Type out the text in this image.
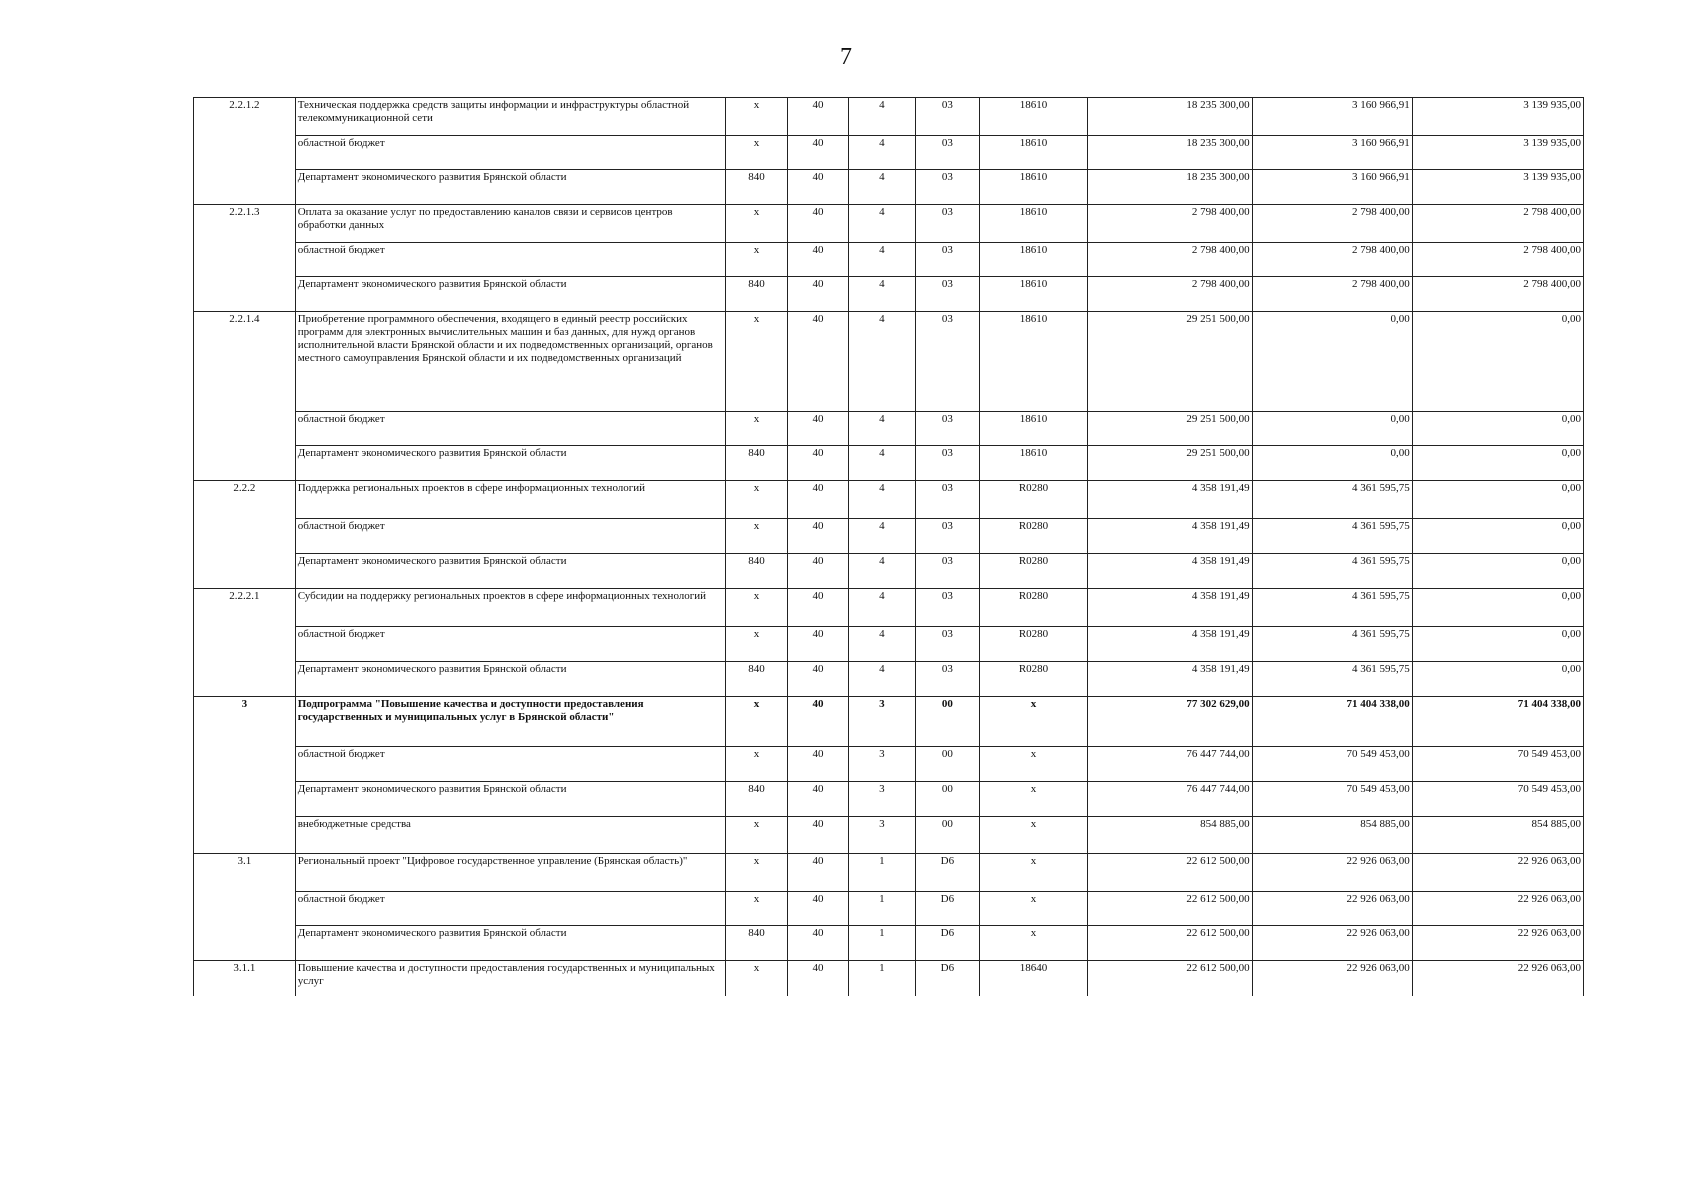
7
2.2.1.2	Техническая поддержка средств защиты информации и инфраструктуры областной телекоммуникационной сети	x	40	4	03	18610	18 235 300,00	3 160 966,91	3 139 935,00
	областной бюджет	x	40	4	03	18610	18 235 300,00	3 160 966,91	3 139 935,00
	Департамент экономического развития Брянской области	840	40	4	03	18610	18 235 300,00	3 160 966,91	3 139 935,00
2.2.1.3	Оплата за оказание услуг по предоставлению каналов связи и сервисов центров обработки данных	x	40	4	03	18610	2 798 400,00	2 798 400,00	2 798 400,00
	областной бюджет	x	40	4	03	18610	2 798 400,00	2 798 400,00	2 798 400,00
	Департамент экономического развития Брянской области	840	40	4	03	18610	2 798 400,00	2 798 400,00	2 798 400,00
2.2.1.4	Приобретение программного обеспечения, входящего в единый реестр российских программ для электронных вычислительных машин и баз данных, для нужд органов исполнительной власти Брянской области и их подведомственных организаций, органов местного самоуправления Брянской области и их подведомственных организаций	x	40	4	03	18610	29 251 500,00	0,00	0,00
	областной бюджет	x	40	4	03	18610	29 251 500,00	0,00	0,00
	Департамент экономического развития Брянской области	840	40	4	03	18610	29 251 500,00	0,00	0,00
2.2.2	Поддержка региональных проектов в сфере информационных технологий	x	40	4	03	R0280	4 358 191,49	4 361 595,75	0,00
	областной бюджет	x	40	4	03	R0280	4 358 191,49	4 361 595,75	0,00
	Департамент экономического развития Брянской области	840	40	4	03	R0280	4 358 191,49	4 361 595,75	0,00
2.2.2.1	Субсидии на поддержку региональных проектов в сфере информационных технологий	x	40	4	03	R0280	4 358 191,49	4 361 595,75	0,00
	областной бюджет	x	40	4	03	R0280	4 358 191,49	4 361 595,75	0,00
	Департамент экономического развития Брянской области	840	40	4	03	R0280	4 358 191,49	4 361 595,75	0,00
3	Подпрограмма "Повышение качества и доступности предоставления государственных и муниципальных услуг в Брянской области"	x	40	3	00	x	77 302 629,00	71 404 338,00	71 404 338,00
	областной бюджет	x	40	3	00	x	76 447 744,00	70 549 453,00	70 549 453,00
	Департамент экономического развития Брянской области	840	40	3	00	x	76 447 744,00	70 549 453,00	70 549 453,00
	внебюджетные средства	x	40	3	00	x	854 885,00	854 885,00	854 885,00
3.1	Региональный проект "Цифровое государственное управление (Брянская область)"	x	40	1	D6	x	22 612 500,00	22 926 063,00	22 926 063,00
	областной бюджет	x	40	1	D6	x	22 612 500,00	22 926 063,00	22 926 063,00
	Департамент экономического развития Брянской области	840	40	1	D6	x	22 612 500,00	22 926 063,00	22 926 063,00
3.1.1	Повышение качества и доступности предоставления государственных и муниципальных услуг	x	40	1	D6	18640	22 612 500,00	22 926 063,00	22 926 063,00
